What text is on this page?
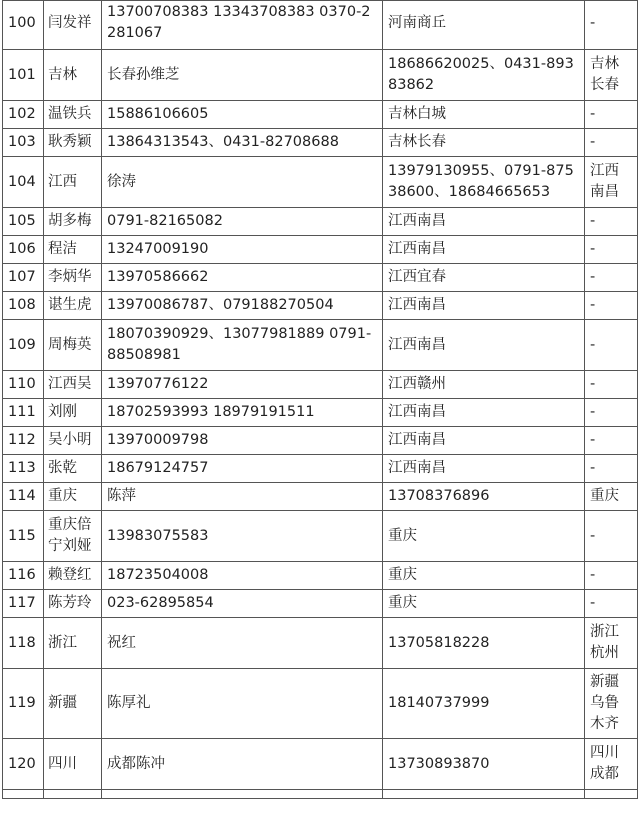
100	闫发祥	13700708383 13343708383 0370-2281067	河南商丘	-
101	吉林	长春孙维芝	18686620025、0431-89383862	吉林长春
102	温铁兵	15886106605	吉林白城	-
103	耿秀颖	13864313543、0431-82708688	吉林长春	-
104	江西	徐涛	13979130955、0791-87538600、18684665653	江西南昌
105	胡多梅	0791-82165082	江西南昌	-
106	程洁	13247009190	江西南昌	-
107	李炳华	13970586662	江西宜春	-
108	谌生虎	13970086787、079188270504	江西南昌	-
109	周梅英	18070390929、13077981889 0791-88508981	江西南昌	-
110	江西吴	13970776122	江西赣州	-
111	刘刚	18702593993 18979191511	江西南昌	-
112	吴小明	13970009798	江西南昌	-
113	张乾	18679124757	江西南昌	-
114	重庆	陈萍	13708376896	重庆
115	重庆倍宁刘娅	13983075583	重庆	-
116	赖登红	18723504008	重庆	-
117	陈芳玲	023-62895854	重庆	-
118	浙江	祝红	13705818228	浙江杭州
119	新疆	陈厚礼	18140737999	新疆乌鲁木齐
120	四川	成都陈冲	13730893870	四川成都
